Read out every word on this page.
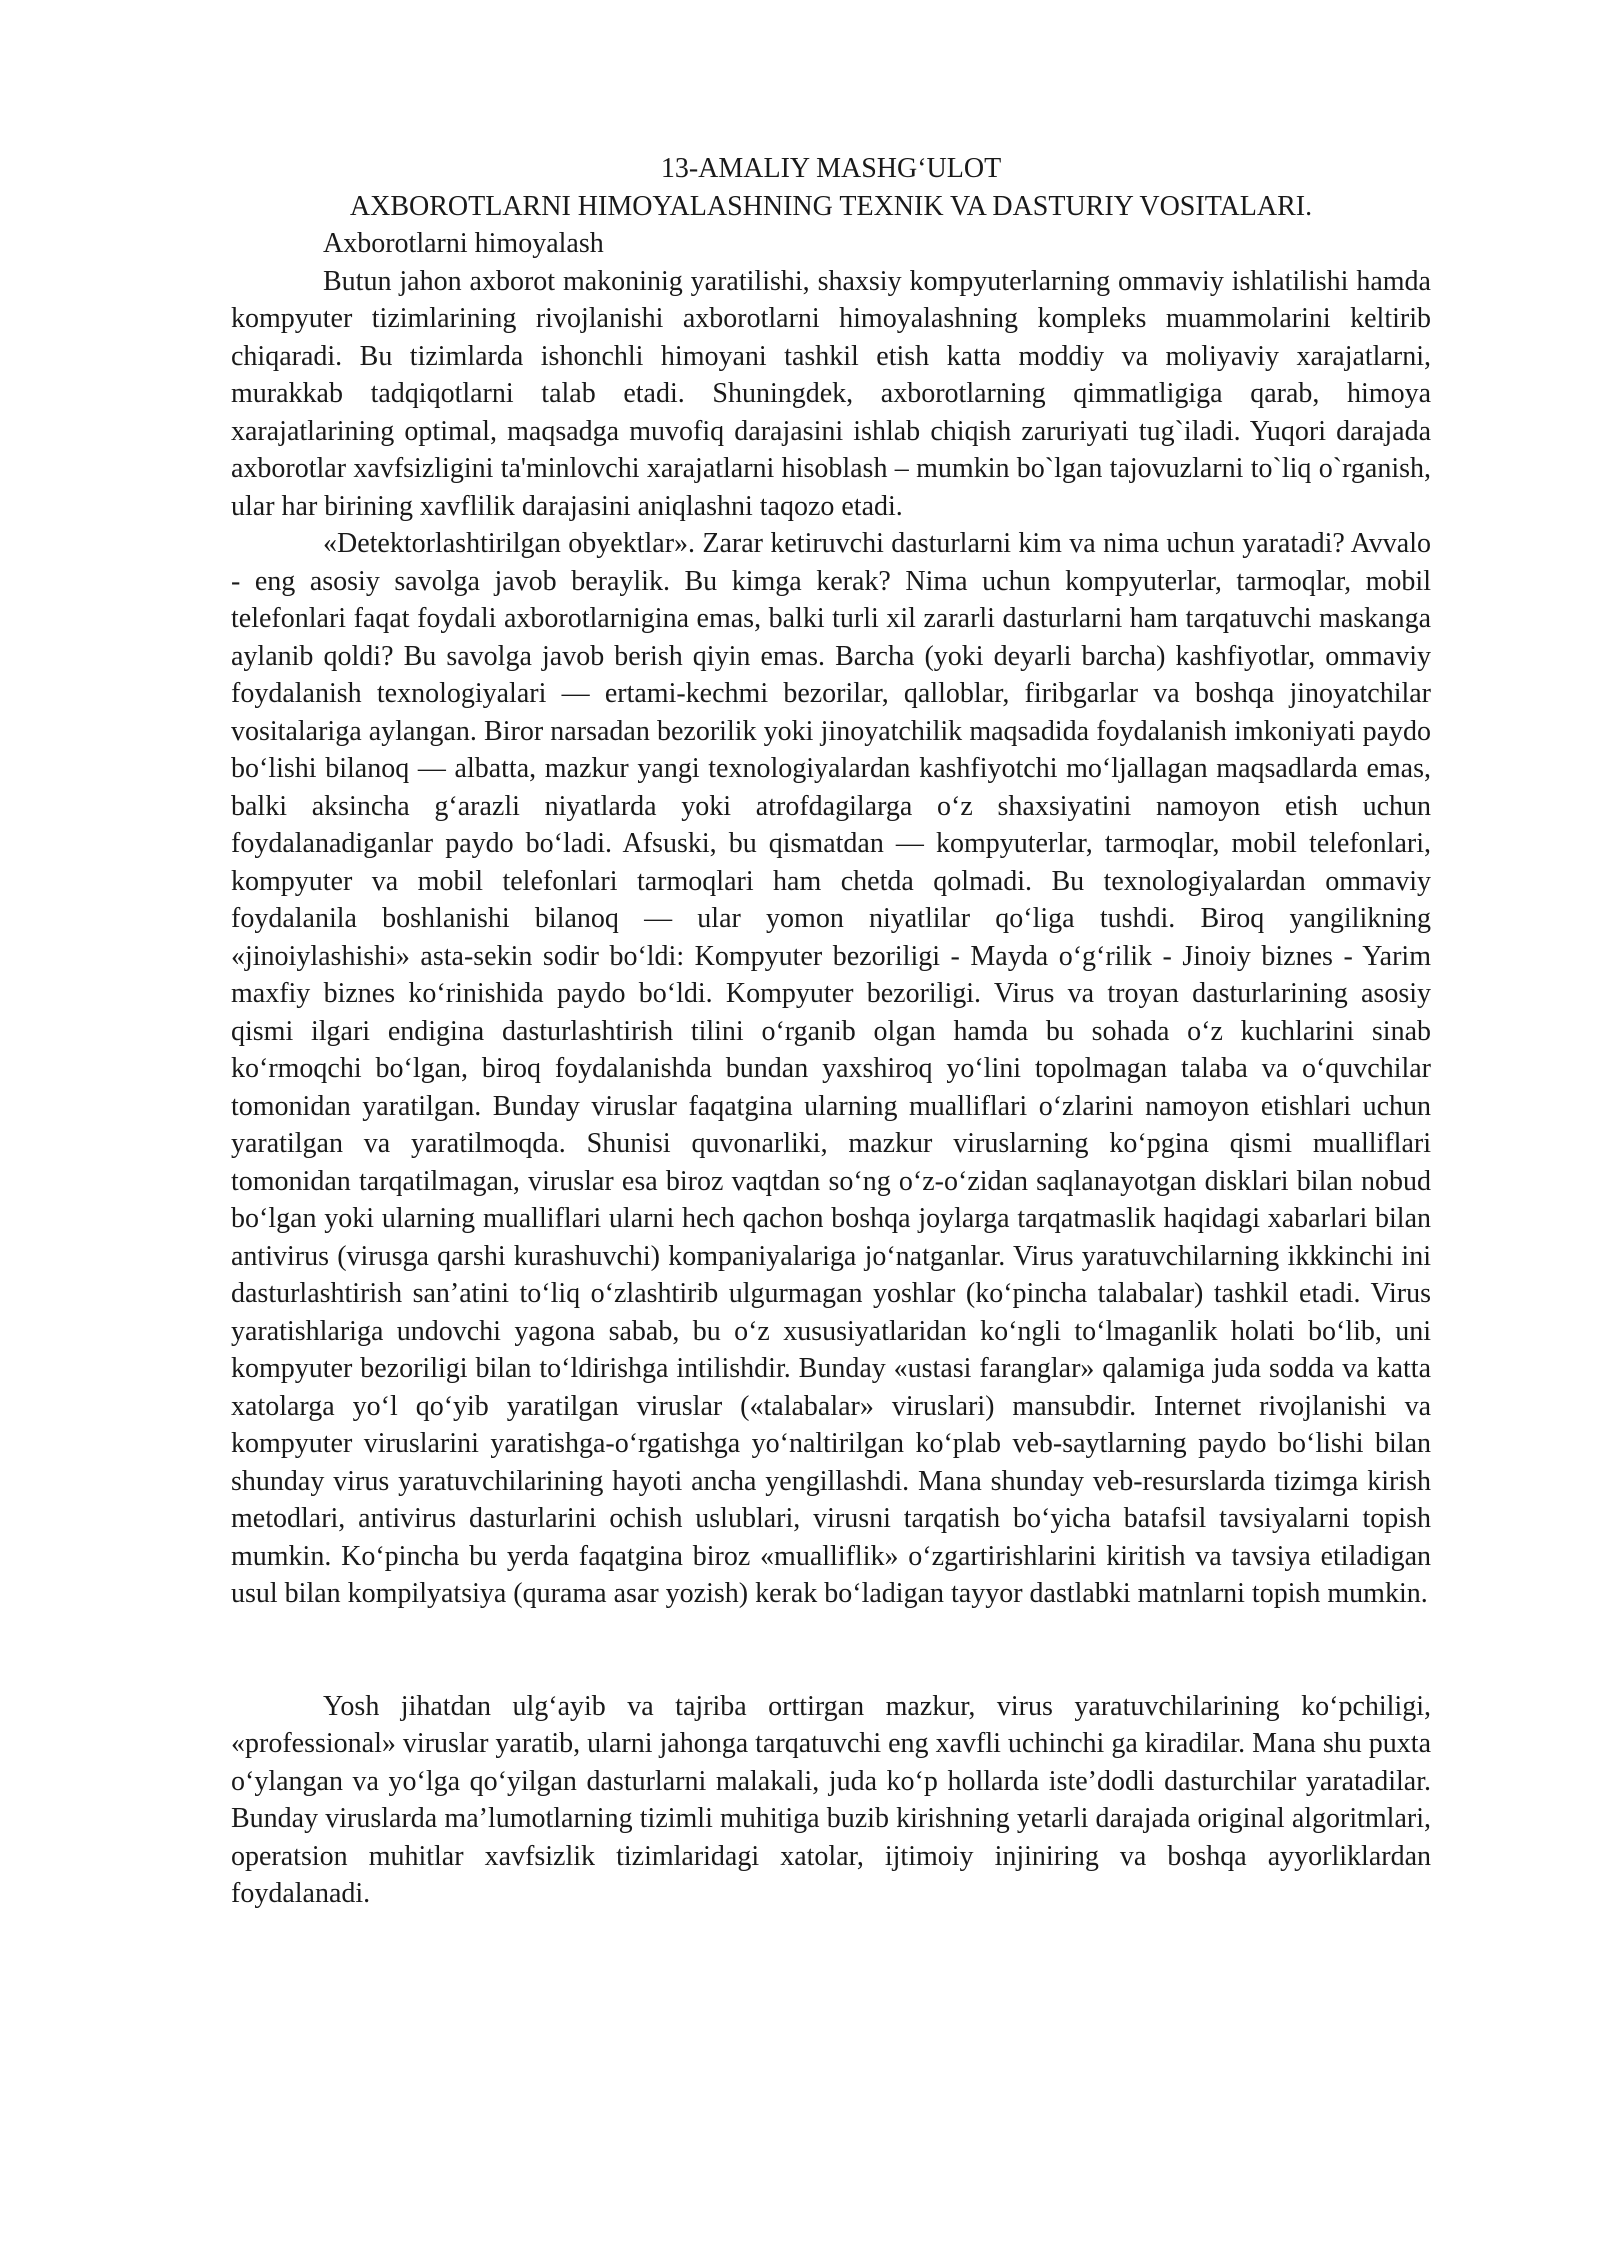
13-AMALIY MASHG‘ULOT
AXBOROTLARNI HIMOYALASHNING TEXNIK VA DASTURIY VOSITALARI.
Axborotlarni himoyalash

Butun jahon axborot makoninig yaratilishi, shaxsiy kompyuterlarning ommaviy ishlatilishi hamda kompyuter tizimlarining rivojlanishi axborotlarni himoyalashning kompleks muammolarini keltirib chiqaradi. Bu tizimlarda ishonchli himoyani tashkil etish katta moddiy va moliyaviy xarajatlarni, murakkab tadqiqotlarni talab etadi. Shuningdek, axborotlarning qimmatligiga qarab, himoya xarajatlarining optimal, maqsadga muvofiq darajasini ishlab chiqish zaruriyati tug`iladi. Yuqori darajada axborotlar xavfsizligini ta'minlovchi xarajatlarni hisoblash – mumkin bo`lgan tajovuzlarni to`liq o`rganish, ular har birining xavflilik darajasini aniqlashni taqozo etadi.

«Detektorlashtirilgan obyektlar». Zarar ketiruvchi dasturlarni kim va nima uchun yaratadi? Avvalo - eng asosiy savolga javob beraylik. Bu kimga kerak? Nima uchun kompyuterlar, tarmoqlar, mobil telefonlari faqat foydali axborotlarnigina emas, balki turli xil zararli dasturlarni ham tarqatuvchi maskanga aylanib qoldi? Bu savolga javob berish qiyin emas. Barcha (yoki deyarli barcha) kashfiyotlar, ommaviy foydalanish texnologiyalari — ertami-kechmi bezorilar, qalloblar, firibgarlar va boshqa jinoyatchilar vositalariga aylangan. Biror narsadan bezorilik yoki jinoyatchilik maqsadida foydalanish imkoniyati paydo bo‘lishi bilanoq — albatta, mazkur yangi texnologiyalardan kashfiyotchi mo‘ljallagan maqsadlarda emas, balki aksincha g‘arazli niyatlarda yoki atrofdagilarga o‘z shaxsiyatini namoyon etish uchun foydalanadiganlar paydo bo‘ladi. Afsuski, bu qismatdan — kompyuterlar, tarmoqlar, mobil telefonlari, kompyuter va mobil telefonlari tarmoqlari ham chetda qolmadi. Bu texnologiyalardan ommaviy foydalanila boshlanishi bilanoq — ular yomon niyatlilar qo‘liga tushdi. Biroq yangilikning «jinoiylashishi» asta-sekin sodir bo‘ldi: Kompyuter bezoriligi - Mayda o‘g‘rilik - Jinoiy biznes - Yarim maxfiy biznes ko‘rinishida paydo bo‘ldi. Kompyuter bezoriligi. Virus va troyan dasturlarining asosiy qismi ilgari endigina dasturlashtirish tilini o‘rganib olgan hamda bu sohada o‘z kuchlarini sinab ko‘rmoqchi bo‘lgan, biroq foydalanishda bundan yaxshiroq yo‘lini topolmagan talaba va o‘quvchilar tomonidan yaratilgan. Bunday viruslar faqatgina ularning mualliflari o‘zlarini namoyon etishlari uchun yaratilgan va yaratilmoqda. Shunisi quvonarliki, mazkur viruslarning ko‘pgina qismi mualliflari tomonidan tarqatilmagan, viruslar esa biroz vaqtdan so‘ng o‘z-o‘zidan saqlanayotgan disklari bilan nobud bo‘lgan yoki ularning mualliflari ularni hech qachon boshqa joylarga tarqatmaslik haqidagi xabarlari bilan antivirus (virusga qarshi kurashuvchi) kompaniyalariga jo‘natganlar. Virus yaratuvchilarning ikkkinchi ini dasturlashtirish san’atini to‘liq o‘zlashtirib ulgurmagan yoshlar (ko‘pincha talabalar) tashkil etadi. Virus yaratishlariga undovchi yagona sabab, bu o‘z xususiyatlaridan ko‘ngli to‘lmaganlik holati bo‘lib, uni kompyuter bezoriligi bilan to‘ldirishga intilishdir. Bunday «ustasi faranglar» qalamiga juda sodda va katta xatolarga yo‘l qo‘yib yaratilgan viruslar («talabalar» viruslari) mansubdir. Internet rivojlanishi va kompyuter viruslarini yaratishga-o‘rgatishga yo‘naltirilgan ko‘plab veb-saytlarning paydo bo‘lishi bilan shunday virus yaratuvchilarining hayoti ancha yengillashdi. Mana shunday veb-resurslarda tizimga kirish metodlari, antivirus dasturlarini ochish uslublari, virusni tarqatish bo‘yicha batafsil tavsiyalarni topish mumkin. Ko‘pincha bu yerda faqatgina biroz «mualliflik» o‘zgartirishlarini kiritish va tavsiya etiladigan usul bilan kompilyatsiya (qurama asar yozish) kerak bo‘ladigan tayyor dastlabki matnlarni topish mumkin.

Yosh jihatdan ulg‘ayib va tajriba orttirgan mazkur, virus yaratuvchilarining ko‘pchiligi, «professional» viruslar yaratib, ularni jahonga tarqatuvchi eng xavfli uchinchi ga kiradilar. Mana shu puxta o‘ylangan va yo‘lga qo‘yilgan dasturlarni malakali, juda ko‘p hollarda iste’dodli dasturchilar yaratadilar. Bunday viruslarda ma’lumotlarning tizimli muhitiga buzib kirishning yetarli darajada original algoritmlari, operatsion muhitlar xavfsizlik tizimlaridagi xatolar, ijtimoiy injiniring va boshqa ayyorliklardan foydalanadi.
